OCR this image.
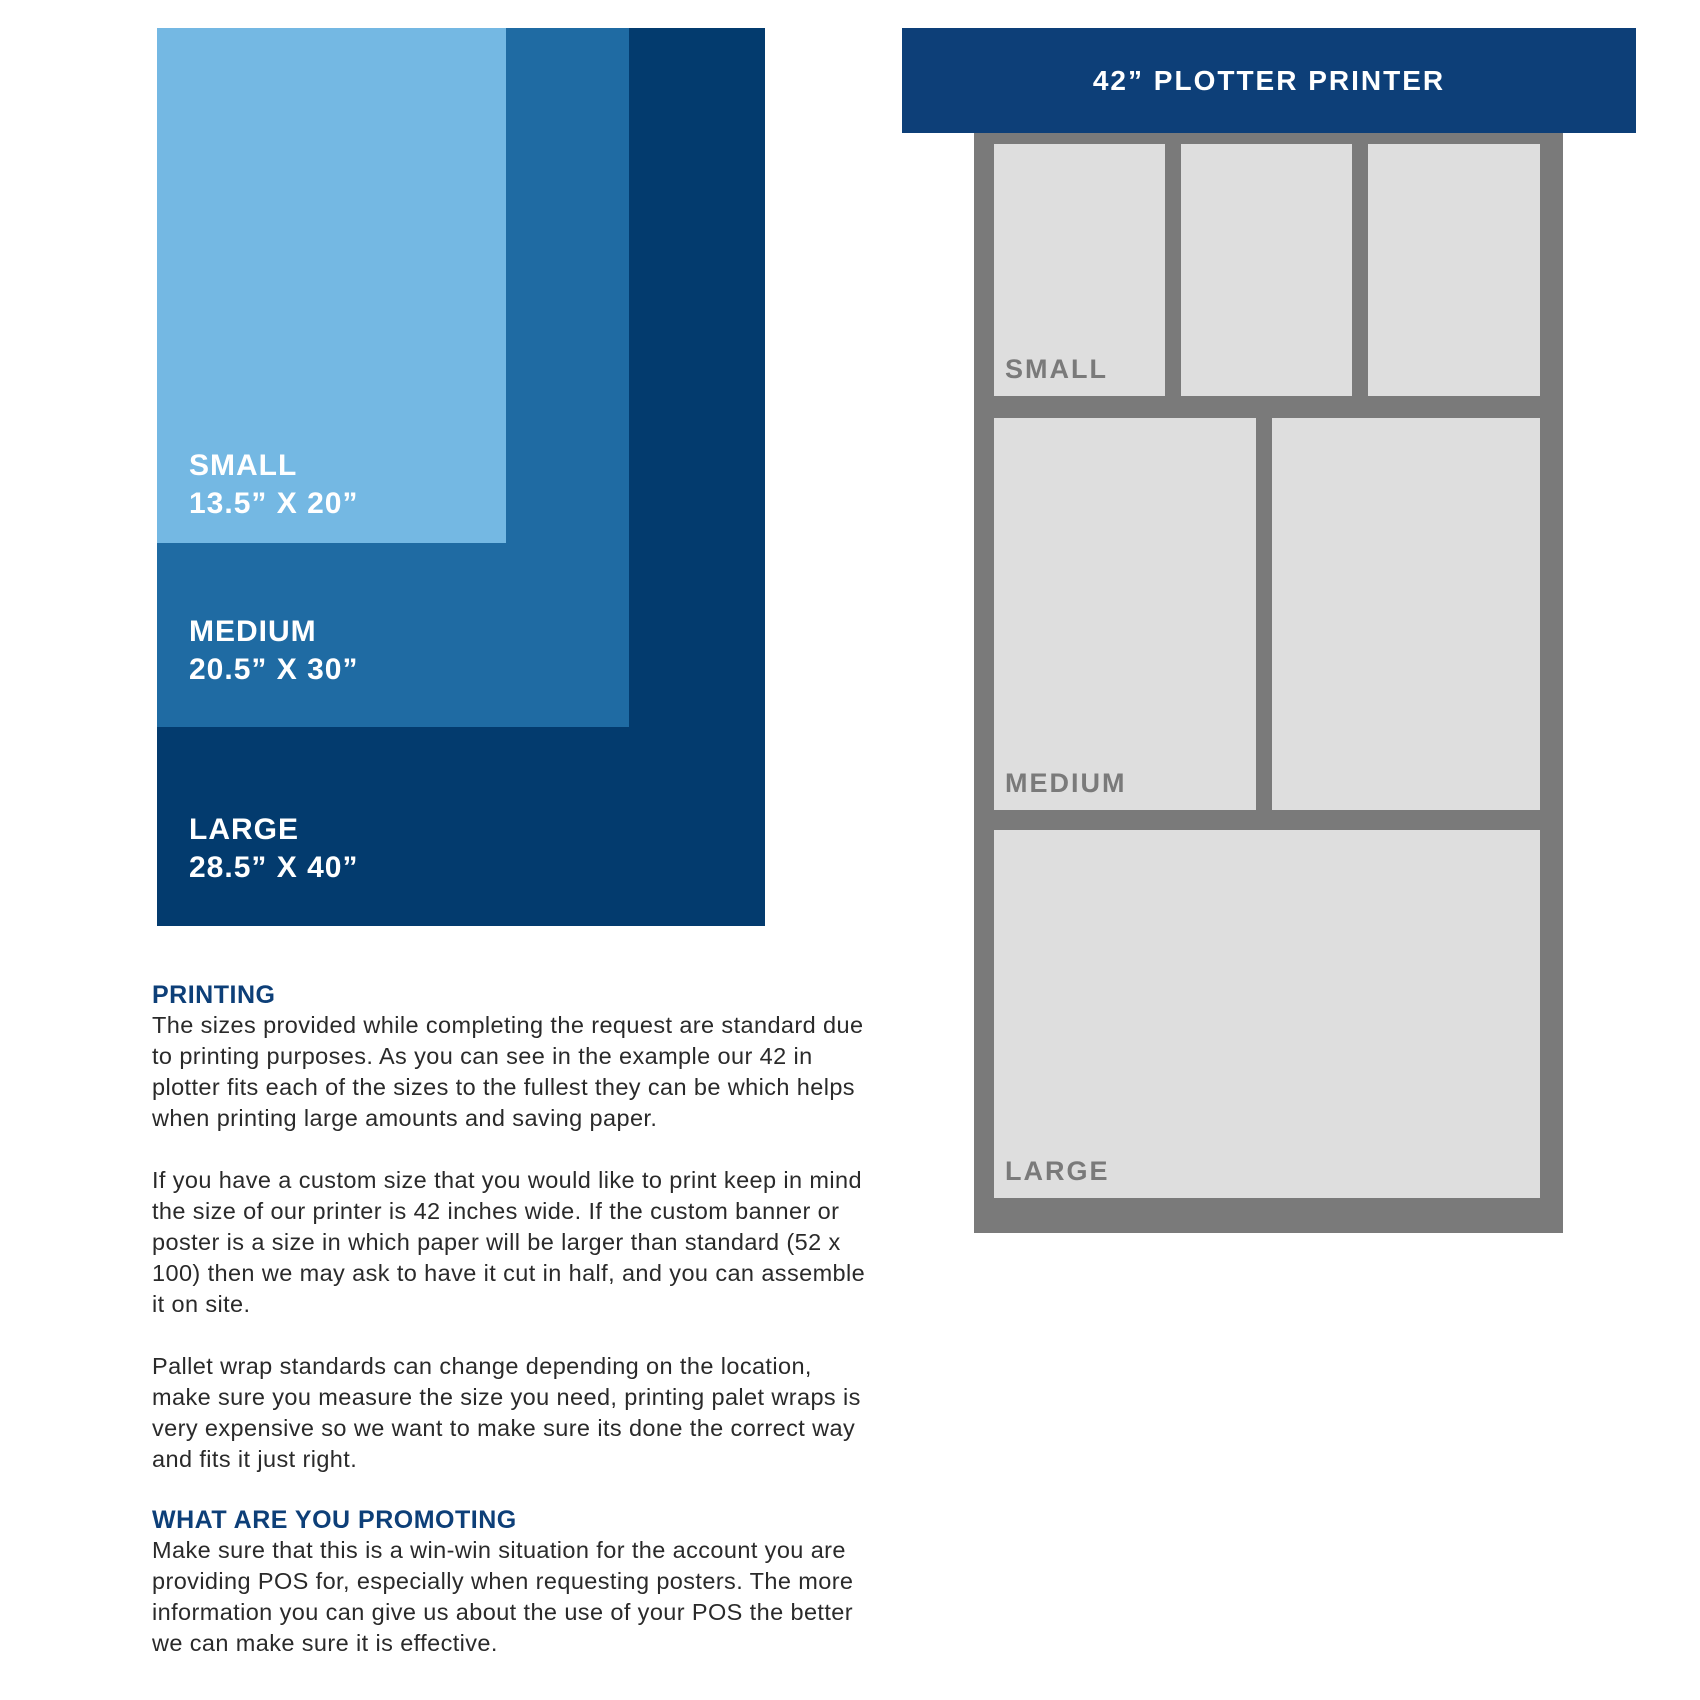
LARGE
28.5” X 40”

MEDIUM
20.5” X 30”

SMALL
13.5” X 20”

42” PLOTTER PRINTER
SMALL
MEDIUM
LARGE
PRINTING

The sizes provided while completing the request are standard due to printing purposes. As you can see in the example our 42 in plotter fits each of the sizes to the fullest they can be which helps when printing large amounts and saving paper.

If you have a custom size that you would like to print keep in mind the size of our printer is 42 inches wide. If the custom banner or poster is a size in which paper will be larger than standard (52 x 100) then we may ask to have it cut in half, and you can assemble it on site.

Pallet wrap standards can change depending on the location, make sure you measure the size you need, printing palet wraps is very expensive so we want to make sure its done the correct way and fits it just right.

WHAT ARE YOU PROMOTING

Make sure that this is a win-win situation for the account you are providing POS for, especially when requesting posters. The more information you can give us about the use of your POS the better we can make sure it is effective.
